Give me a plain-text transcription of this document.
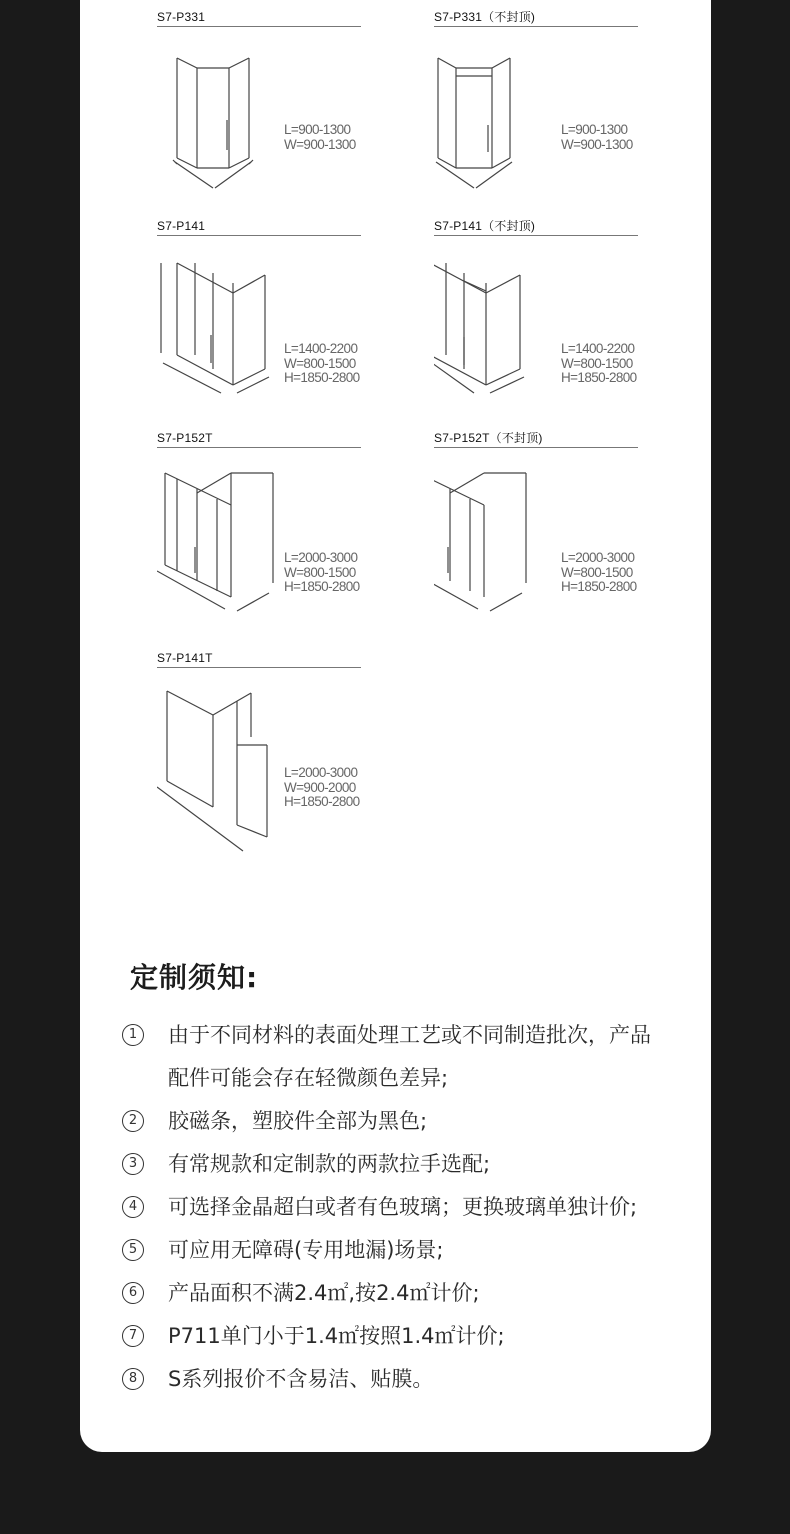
S7-P331
L=900-1300
W=900-1300
S7-P331（不封顶)
L=900-1300
W=900-1300
S7-P141
L=1400-2200
W=800-1500
H=1850-2800
S7-P141（不封顶)
L=1400-2200
W=800-1500
H=1850-2800
S7-P152T
L=2000-3000
W=800-1500
H=1850-2800
S7-P152T（不封顶)
L=2000-3000
W=800-1500
H=1850-2800
S7-P141T
L=2000-3000
W=900-2000
H=1850-2800
定制须知:
1	由于不同材料的表面处理工艺或不同制造批次，产品
配件可能会存在轻微颜色差异;
2	胶磁条，塑胶件全部为黑色;
3	有常规款和定制款的两款拉手选配;
4	可选择金晶超白或者有色玻璃；更换玻璃单独计价;
5	可应用无障碍(专用地漏)场景;
6	产品面积不满2.4㎡,按2.4㎡计价;
7	P711单门小于1.4㎡按照1.4㎡计价;
8	S系列报价不含易洁、贴膜。
